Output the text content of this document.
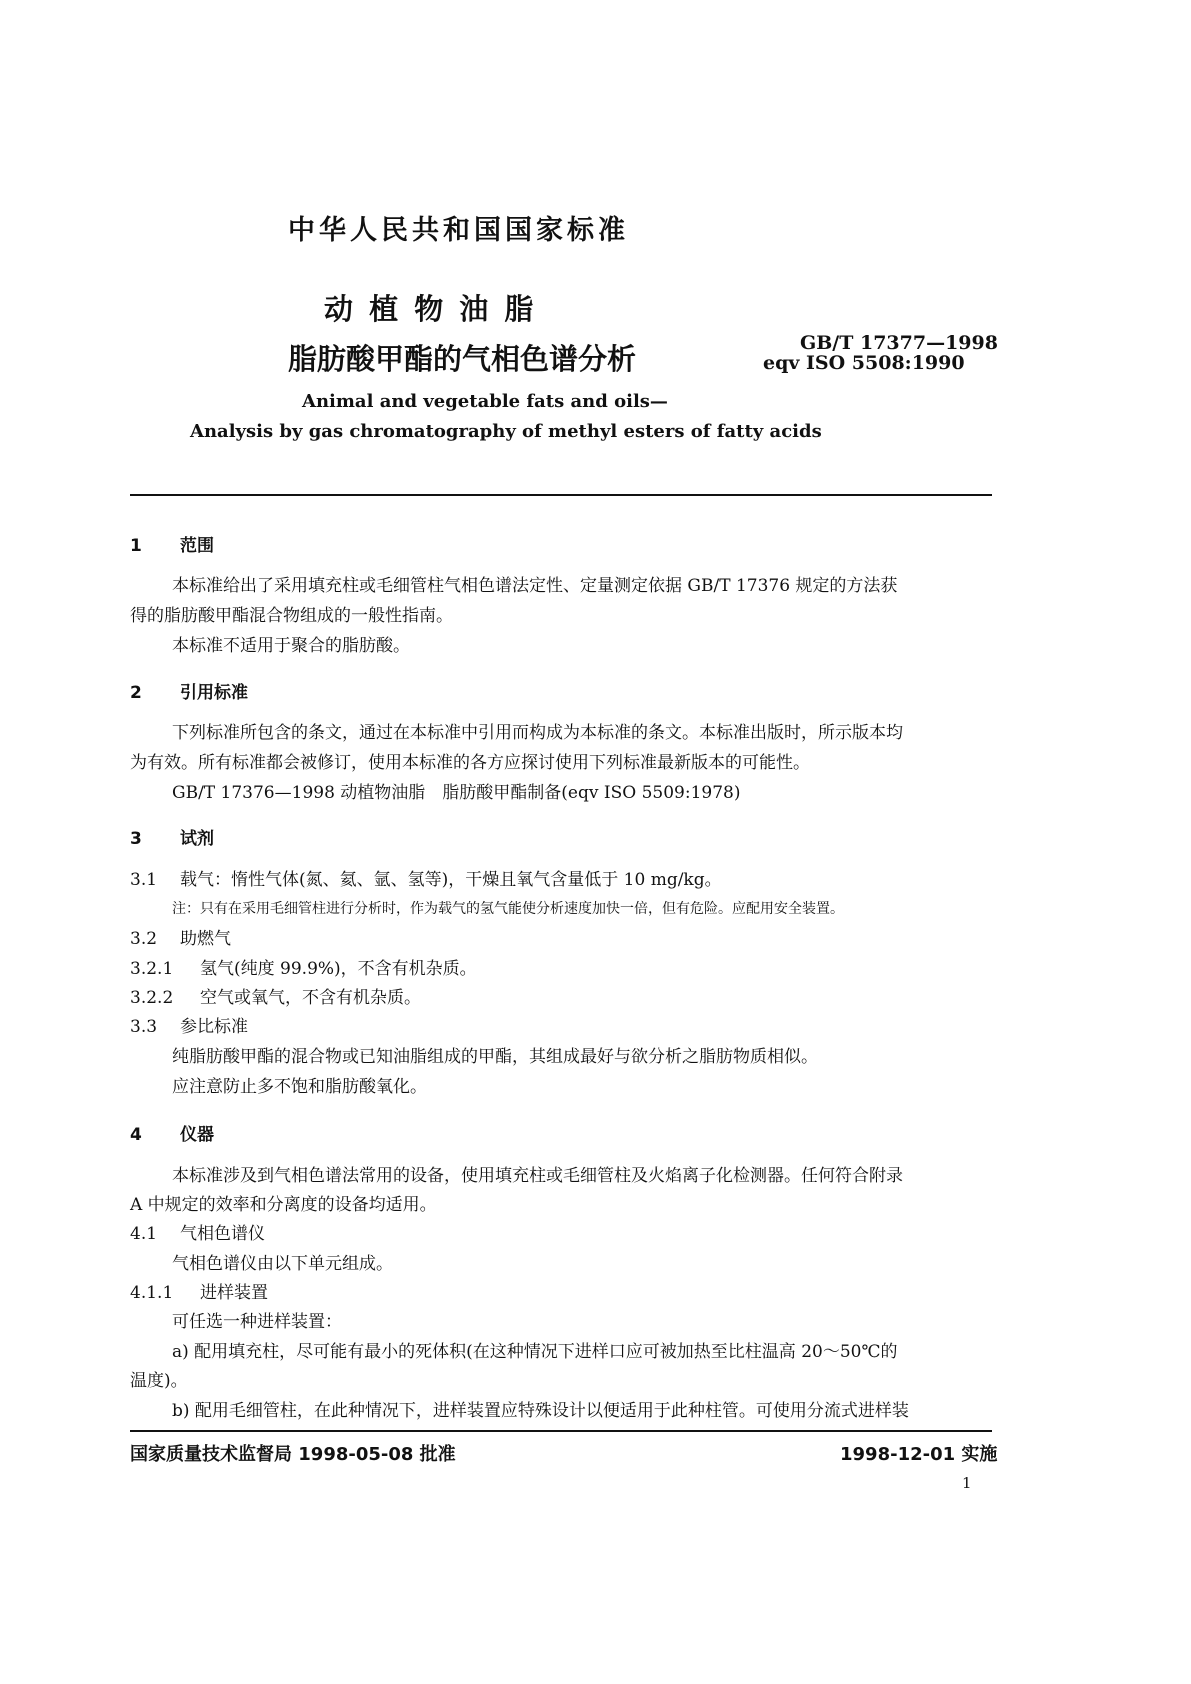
中华人民共和国国家标准
动 植 物 油 脂
脂肪酸甲酯的气相色谱分析	GB/T 17377—1998
eqv ISO 5508:1990
Animal and vegetable fats and oils—
Analysis by gas chromatography of methyl esters of fatty acids
1 范围
本标准给出了采用填充柱或毛细管柱气相色谱法定性、定量测定依据 GB/T 17376 规定的方法获
得的脂肪酸甲酯混合物组成的一般性指南。
本标准不适用于聚合的脂肪酸。
2 引用标准
下列标准所包含的条文，通过在本标准中引用而构成为本标准的条文。本标准出版时，所示版本均
为有效。所有标准都会被修订，使用本标准的各方应探讨使用下列标准最新版本的可能性。
GB/T 17376—1998 动植物油脂　脂肪酸甲酯制备(eqv ISO 5509:1978)
3 试剂
3.1 载气：惰性气体(氮、氦、氩、氢等)，干燥且氧气含量低于 10 mg/kg。
注：只有在采用毛细管柱进行分析时，作为载气的氢气能使分析速度加快一倍，但有危险。应配用安全装置。
3.2 助燃气
3.2.1 氢气(纯度 99.9%)，不含有机杂质。
3.2.2 空气或氧气，不含有机杂质。
3.3 参比标准
纯脂肪酸甲酯的混合物或已知油脂组成的甲酯，其组成最好与欲分析之脂肪物质相似。
应注意防止多不饱和脂肪酸氧化。
4 仪器
本标准涉及到气相色谱法常用的设备，使用填充柱或毛细管柱及火焰离子化检测器。任何符合附录
A 中规定的效率和分离度的设备均适用。
4.1 气相色谱仪
气相色谱仪由以下单元组成。
4.1.1 进样装置
可任选一种进样装置：
a) 配用填充柱，尽可能有最小的死体积(在这种情况下进样口应可被加热至比柱温高 20～50℃的
温度)。
b) 配用毛细管柱，在此种情况下，进样装置应特殊设计以便适用于此种柱管。可使用分流式进样装
国家质量技术监督局 1998-05-08 批准	1998-12-01 实施
1
